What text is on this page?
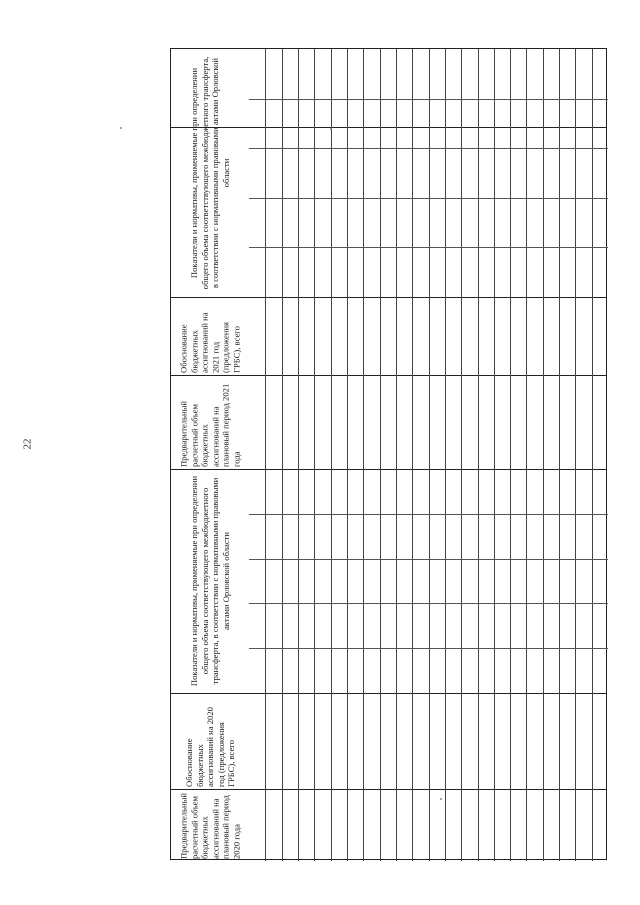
22
Предварительный расчетный объем бюджетных ассигнований на плановый период 2020 года
Обоснование бюджетных ассигнований на 2020 год (предложения ГРБС), всего
Показатели и нормативы, применяемые при определении общего объема соответствующего межбюджетного трансферта, в соответствии с нормативными правовыми актами Орловской области
Предварительный расчетный объем бюджетных ассигнований на плановый период 2021 года
Обоснование бюджетных ассигнований на 2021 год (предложения ГРБС), всего
Показатели и нормативы, применяемые при определении общего объема соответствующего межбюджетного трансферта, в соответствии с нормативными правовыми актами Орловской области
